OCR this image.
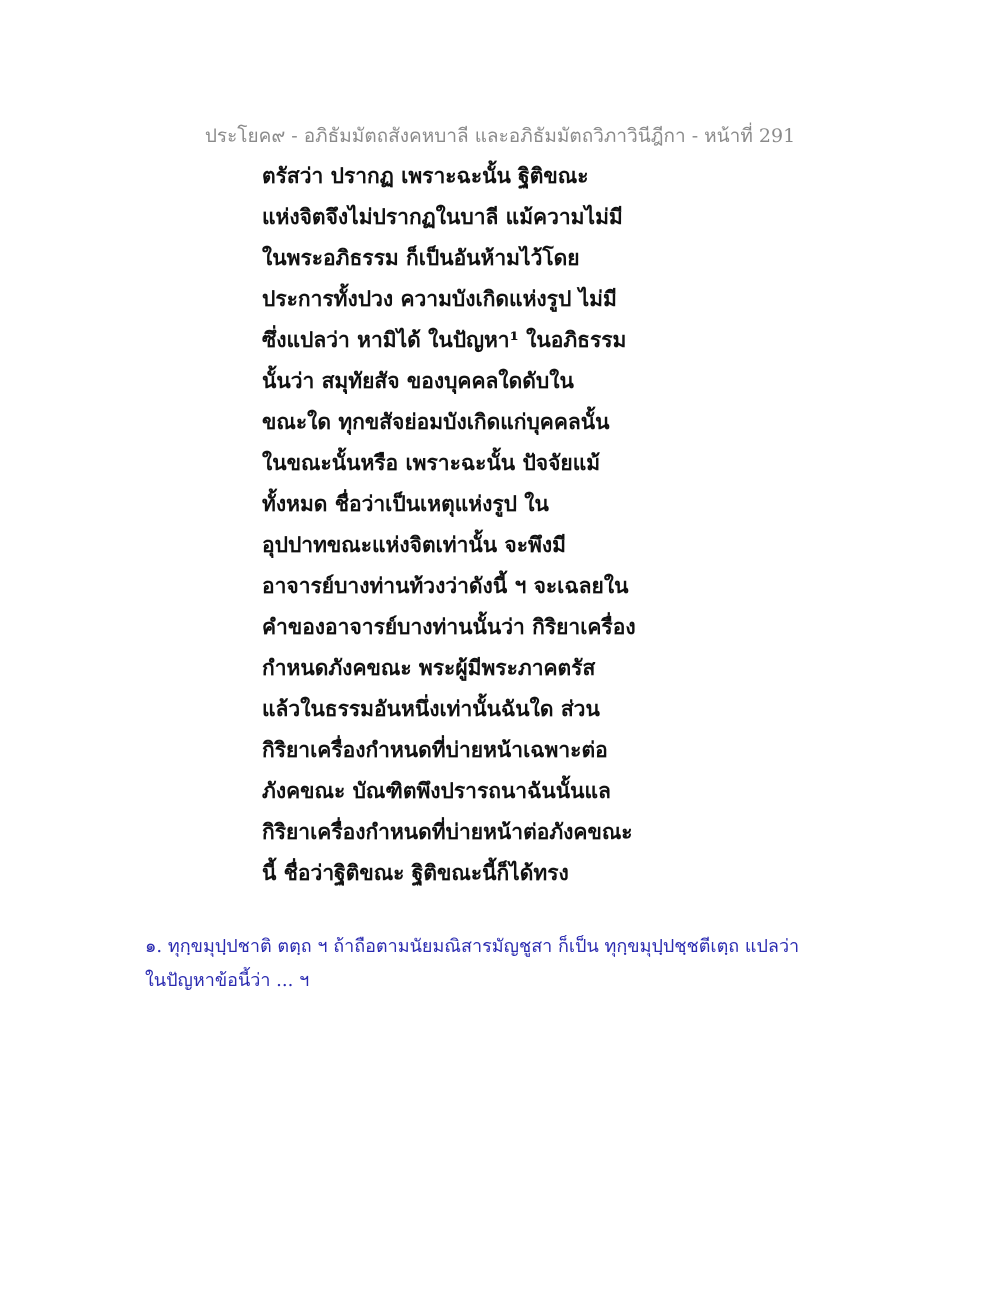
ประโยค๙ - อภิธัมมัตถสังคหบาลี และอภิธัมมัตถวิภาวินีฎีกา - หน้าที่ 291
ตรัสว่า ปรากฏ เพราะฉะนั้น ฐิติขณะ
แห่งจิตจึงไม่ปรากฏในบาลี แม้ความไม่มี
ในพระอภิธรรม ก็เป็นอันห้ามไว้โดย
ประการทั้งปวง ความบังเกิดแห่งรูป ไม่มี
ซึ่งแปลว่า หามิได้ ในปัญหา¹ ในอภิธรรม
นั้นว่า สมุทัยสัจ ของบุคคลใดดับใน
ขณะใด ทุกขสัจย่อมบังเกิดแก่บุคคลนั้น
ในขณะนั้นหรือ เพราะฉะนั้น ปัจจัยแม้
ทั้งหมด ชื่อว่าเป็นเหตุแห่งรูป ใน
อุปปาทขณะแห่งจิตเท่านั้น จะพึงมี
อาจารย์บางท่านท้วงว่าดังนี้ ฯ จะเฉลยใน
คำของอาจารย์บางท่านนั้นว่า กิริยาเครื่อง
กำหนดภังคขณะ พระผู้มีพระภาคตรัส
แล้วในธรรมอันหนึ่งเท่านั้นฉันใด ส่วน
กิริยาเครื่องกำหนดที่บ่ายหน้าเฉพาะต่อ
ภังคขณะ บัณฑิตพึงปรารถนาฉันนั้นแล
กิริยาเครื่องกำหนดที่บ่ายหน้าต่อภังคขณะ
นี้ ชื่อว่าฐิติขณะ ฐิติขณะนี้ก็ได้ทรง
๑. ทุกฺขมุปฺปชาติ ตตฺถ ฯ ถ้าถือตามนัยมณิสารมัญชูสา ก็เป็น ทุกฺขมุปฺปชฺชตีเตฺถ แปลว่า
ในปัญหาข้อนี้ว่า ... ฯ
